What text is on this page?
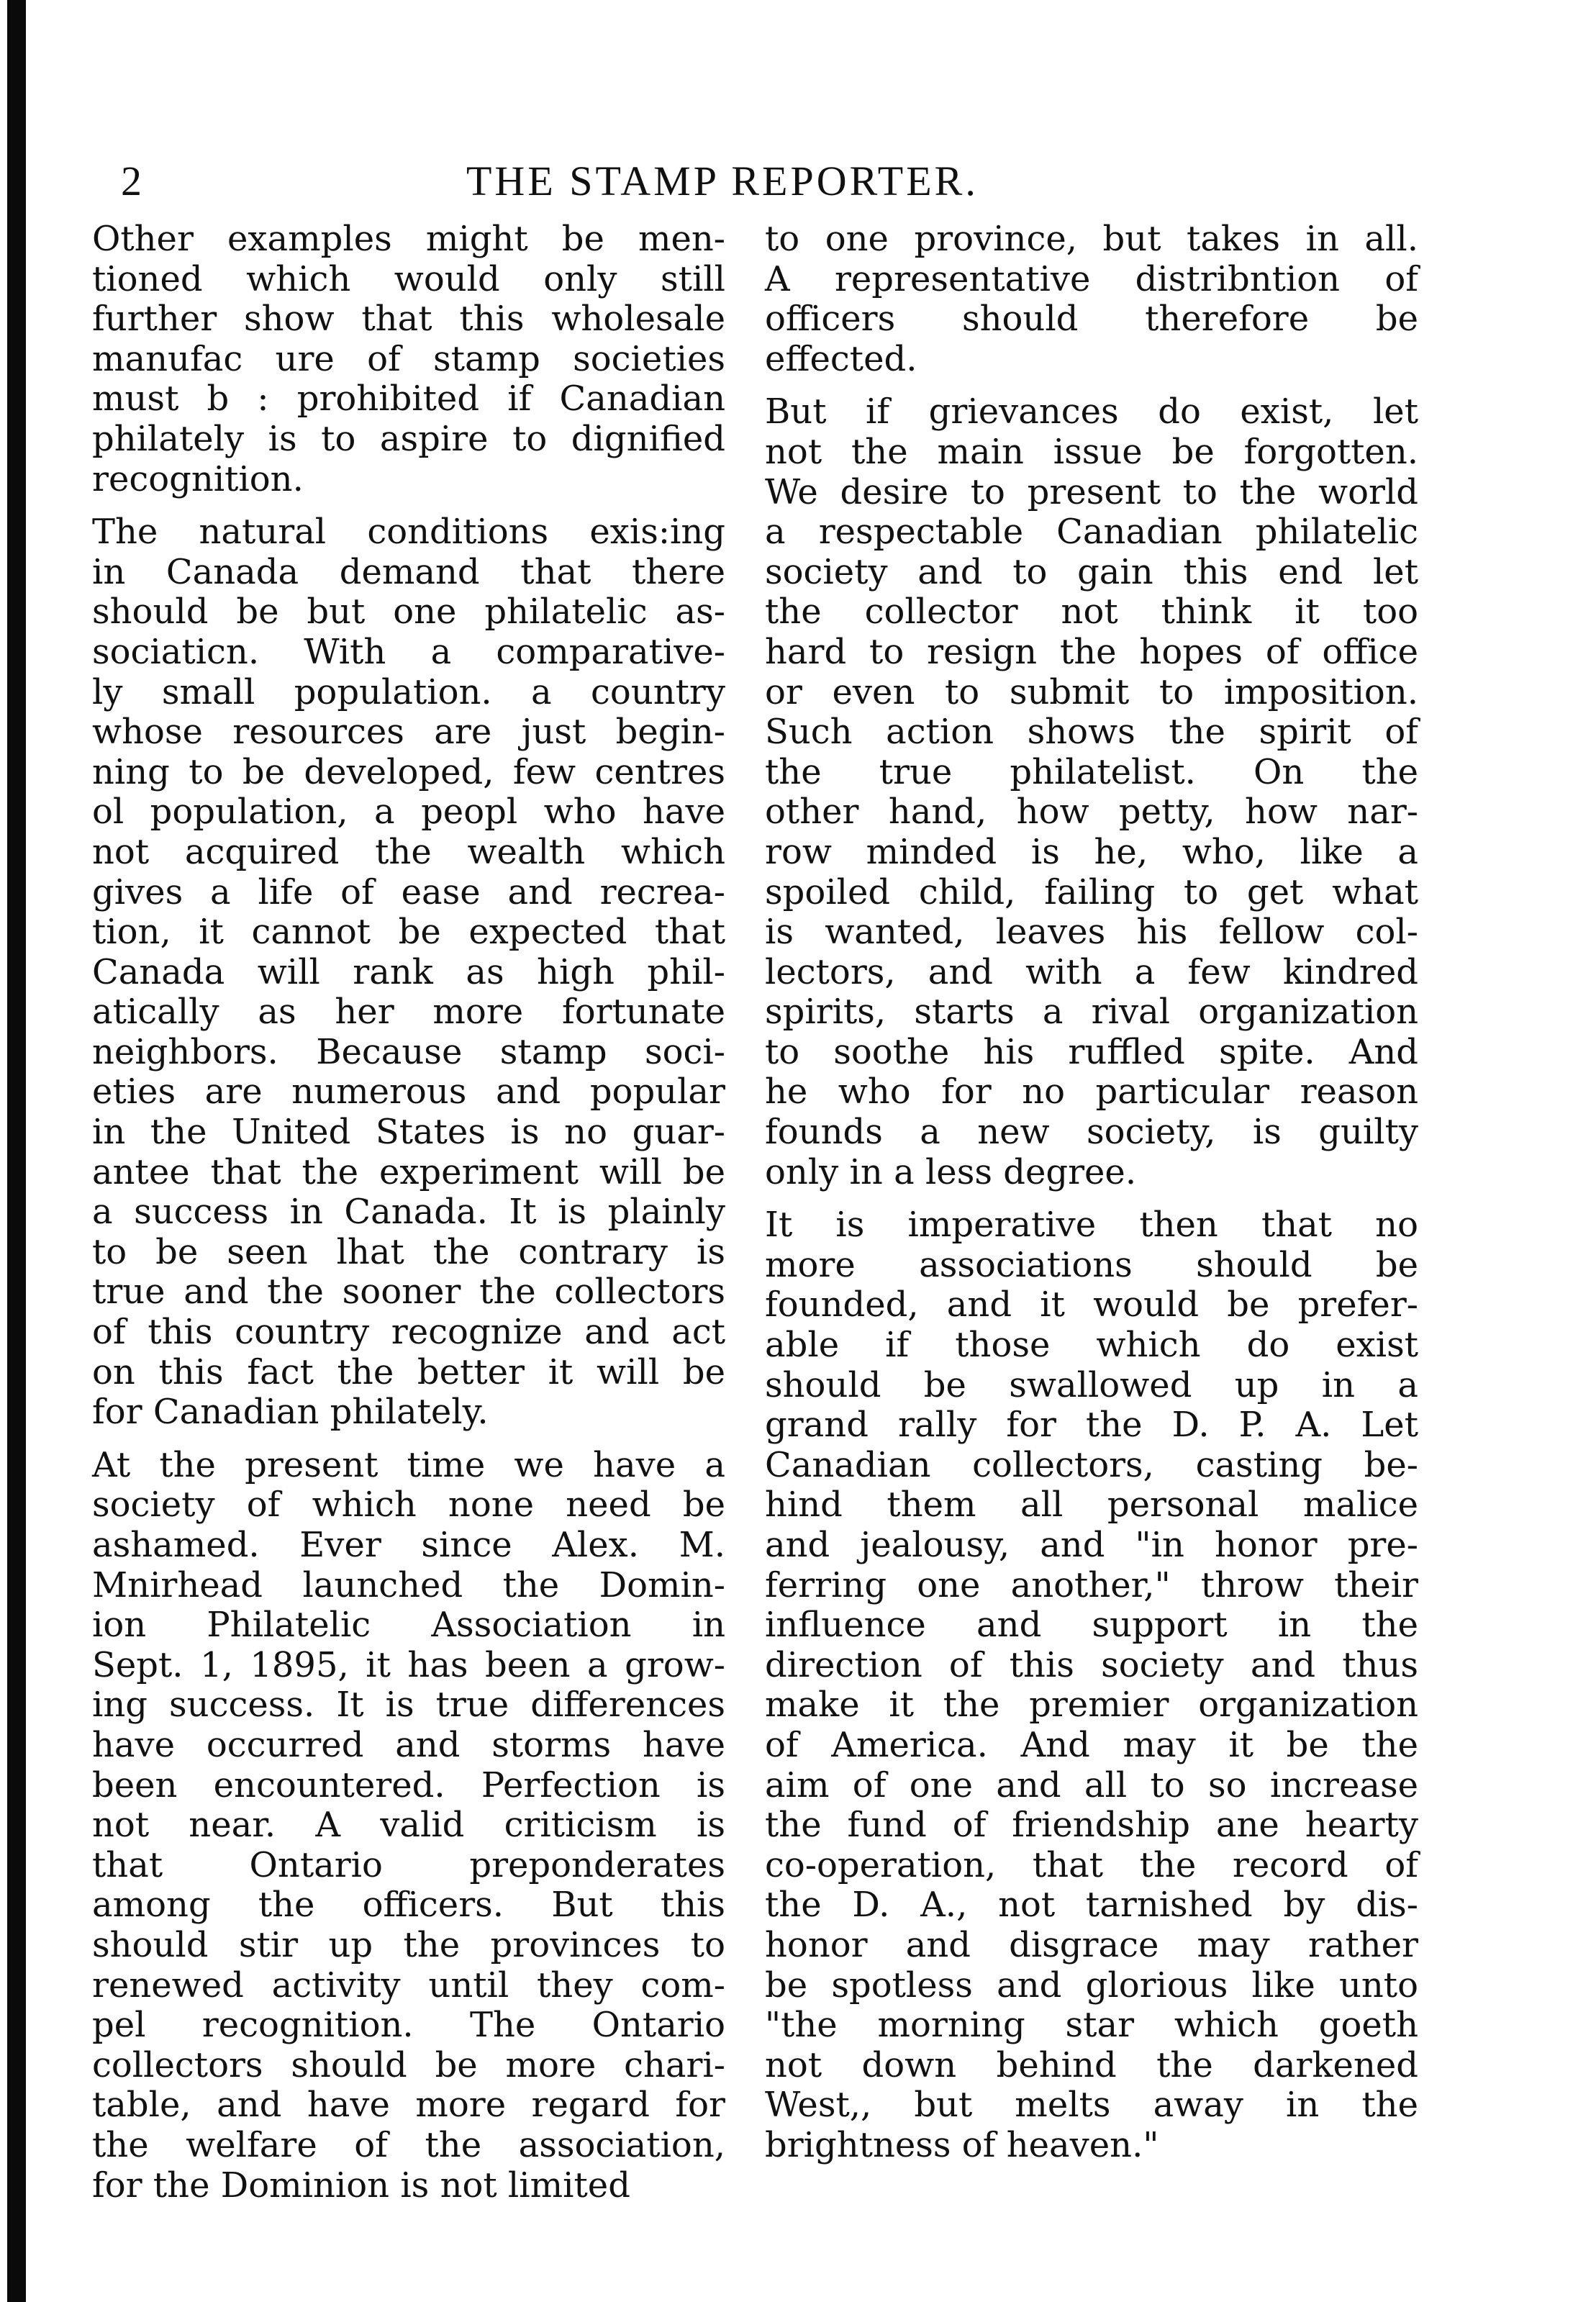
2	THE STAMP REPORTER.
Other examples might be men-
tioned which would only still
further show that this wholesale
manufac ure of stamp societies
must b : prohibited if Canadian
philately is to aspire to dignified
recognition.
The natural conditions exis:ing
in Canada demand that there
should be but one philatelic as-
sociaticn. With a comparative-
ly small population. a country
whose resources are just begin-
ning to be developed, few centres
ol population, a peopl who have
not acquired the wealth which
gives a life of ease and recrea-
tion, it cannot be expected that
Canada will rank as high phil-
atically as her more fortunate
neighbors. Because stamp soci-
eties are numerous and popular
in the United States is no guar-
antee that the experiment will be
a success in Canada. It is plainly
to be seen lhat the contrary is
true and the sooner the collectors
of this country recognize and act
on this fact the better it will be
for Canadian philately.
At the present time we have a
society of which none need be
ashamed. Ever since Alex. M.
Mnirhead launched the Domin-
ion Philatelic Association in
Sept. 1, 1895, it has been a grow-
ing success. It is true differences
have occurred and storms have
been encountered. Perfection is
not near. A valid criticism is
that Ontario preponderates
among the officers. But this
should stir up the provinces to
renewed activity until they com-
pel recognition. The Ontario
collectors should be more chari-
table, and have more regard for
the welfare of the association,
for the Dominion is not limited
to one province, but takes in all.
A representative distribntion of
officers should therefore be
effected.
But if grievances do exist, let
not the main issue be forgotten.
We desire to present to the world
a respectable Canadian philatelic
society and to gain this end let
the collector not think it too
hard to resign the hopes of office
or even to submit to imposition.
Such action shows the spirit of
the true philatelist. On the
other hand, how petty, how nar-
row minded is he, who, like a
spoiled child, failing to get what
is wanted, leaves his fellow col-
lectors, and with a few kindred
spirits, starts a rival organization
to soothe his ruffled spite. And
he who for no particular reason
founds a new society, is guilty
only in a less degree.
It is imperative then that no
more associations should be
founded, and it would be prefer-
able if those which do exist
should be swallowed up in a
grand rally for the D. P. A. Let
Canadian collectors, casting be-
hind them all personal malice
and jealousy, and "in honor pre-
ferring one another," throw their
influence and support in the
direction of this society and thus
make it the premier organization
of America. And may it be the
aim of one and all to so increase
the fund of friendship ane hearty
co-operation, that the record of
the D. A., not tarnished by dis-
honor and disgrace may rather
be spotless and glorious like unto
"the morning star which goeth
not down behind the darkened
West,, but melts away in the
brightness of heaven."
